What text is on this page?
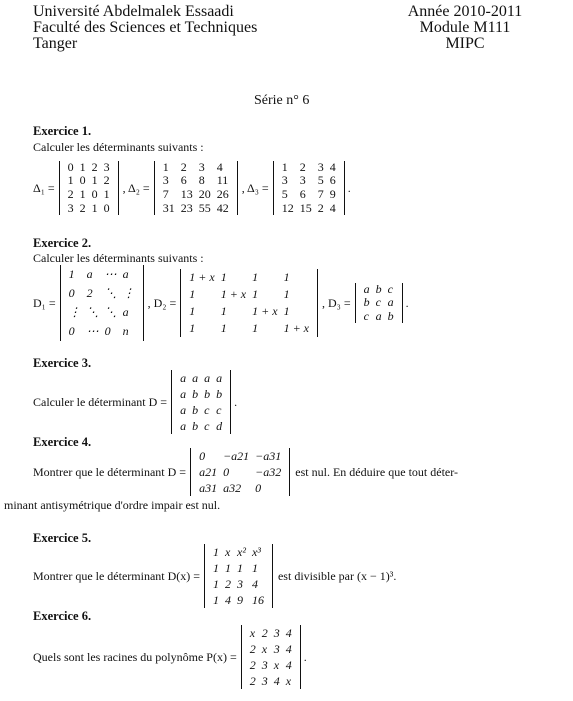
Université Abdelmalek Essaadi
Faculté des Sciences et Techniques
Tanger
Année 2010-2011
Module M111
MIPC
Série n° 6
Exercice 1.
Calculer les déterminants suivants :
Δ₁ =
0	1	2	3
1	0	1	2
2	1	0	1
3	2	1	0
, Δ₂ =
1	2	3	4
3	6	8	11
7	13	20	26
31	23	55	42
, Δ₃ =
1	2	3	4
3	3	5	6
5	6	7	9
12	15	2	4
.
Exercice 2.
Calculer les déterminants suivants :
D₁ =
1	a	⋯	a
0	2	⋱	⋮
⋮	⋱	⋱	a
0	⋯	0	n
, D₂ =
1 + x	1	1	1
1	1 + x	1	1
1	1	1 + x	1
1	1	1	1 + x
, D₃ =
a	b	c
b	c	a
c	a	b
.
Exercice 3.
Calculer le déterminant D =
a	a	a	a
a	b	b	b
a	b	c	c
a	b	c	d
.
Exercice 4.
Montrer que le déterminant D =
0	−a21	−a31
a21	0	−a32
a31	a32	0
est nul. En déduire que tout déter-
minant antisymétrique d'ordre impair est nul.
Exercice 5.
Montrer que le déterminant D(x) =
1	x	x²	x³
1	1	1	1
1	2	3	4
1	4	9	16
est divisible par (x − 1)³.
Exercice 6.
Quels sont les racines du polynôme P(x) =
x	2	3	4
2	x	3	4
2	3	x	4
2	3	4	x
.
